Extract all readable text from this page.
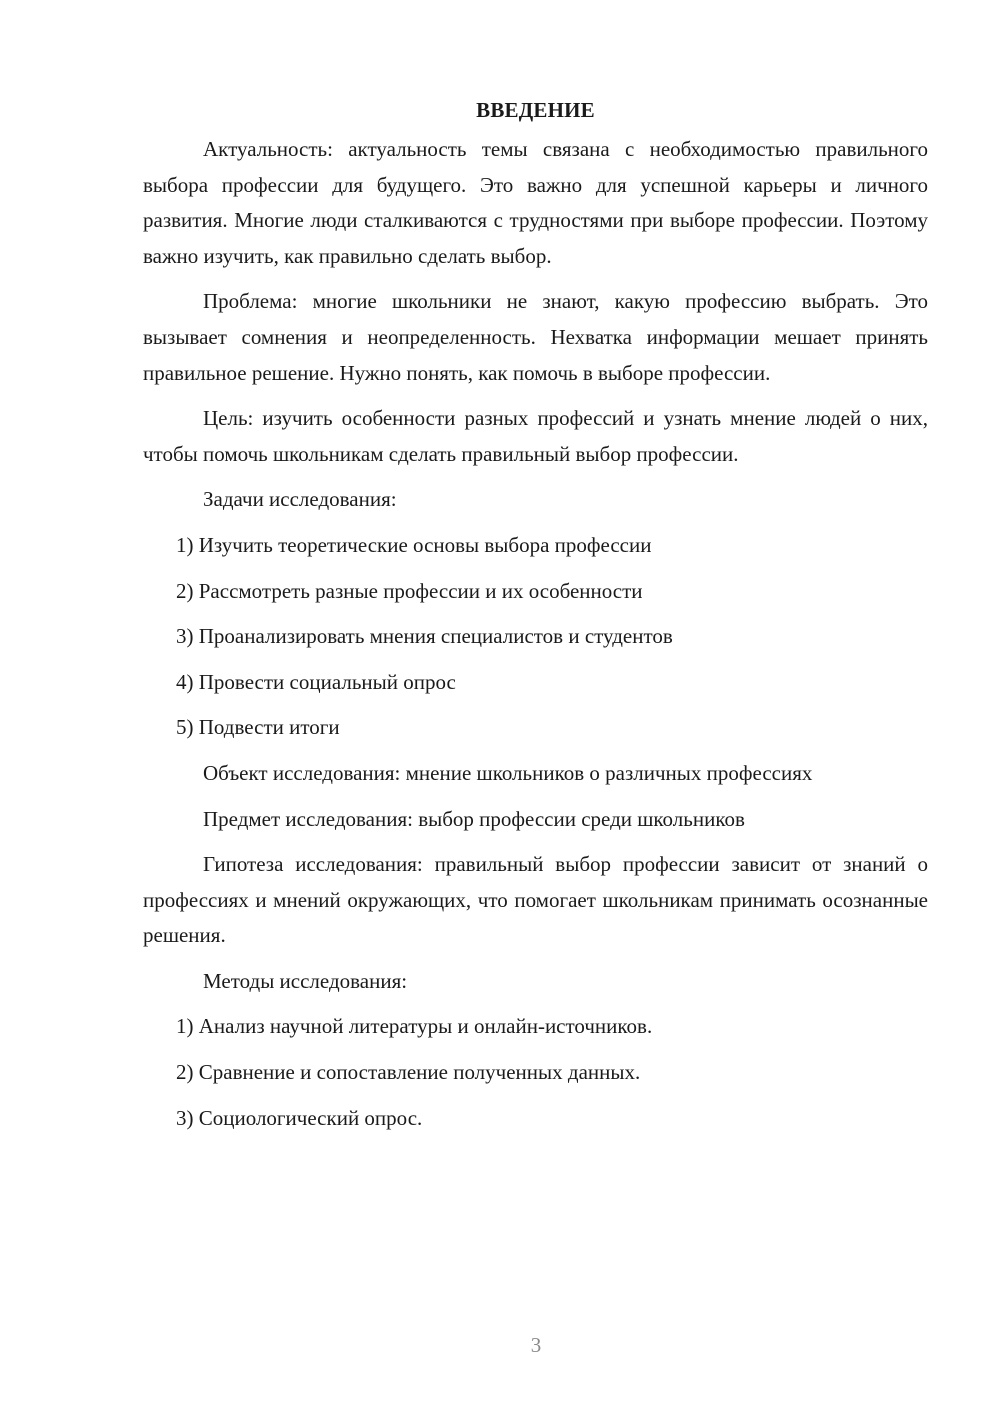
ВВЕДЕНИЕ

Актуальность: актуальность темы связана с необходимостью правильного выбора профессии для будущего. Это важно для успешной карьеры и личного развития. Многие люди сталкиваются с трудностями при выборе профессии. Поэтому важно изучить, как правильно сделать выбор.

Проблема: многие школьники не знают, какую профессию выбрать. Это вызывает сомнения и неопределенность. Нехватка информации мешает принять правильное решение. Нужно понять, как помочь в выборе профессии.

Цель: изучить особенности разных профессий и узнать мнение людей о них, чтобы помочь школьникам сделать правильный выбор профессии.

Задачи исследования:

1) Изучить теоретические основы выбора профессии
2) Рассмотреть разные профессии и их особенности
3) Проанализировать мнения специалистов и студентов
4) Провести социальный опрос
5) Подвести итоги

Объект исследования: мнение школьников о различных профессиях

Предмет исследования: выбор профессии среди школьников

Гипотеза исследования: правильный выбор профессии зависит от знаний о профессиях и мнений окружающих, что помогает школьникам принимать осознанные решения.

Методы исследования:

1) Анализ научной литературы и онлайн-источников.
2) Сравнение и сопоставление полученных данных.
3) Социологический опрос.
3
